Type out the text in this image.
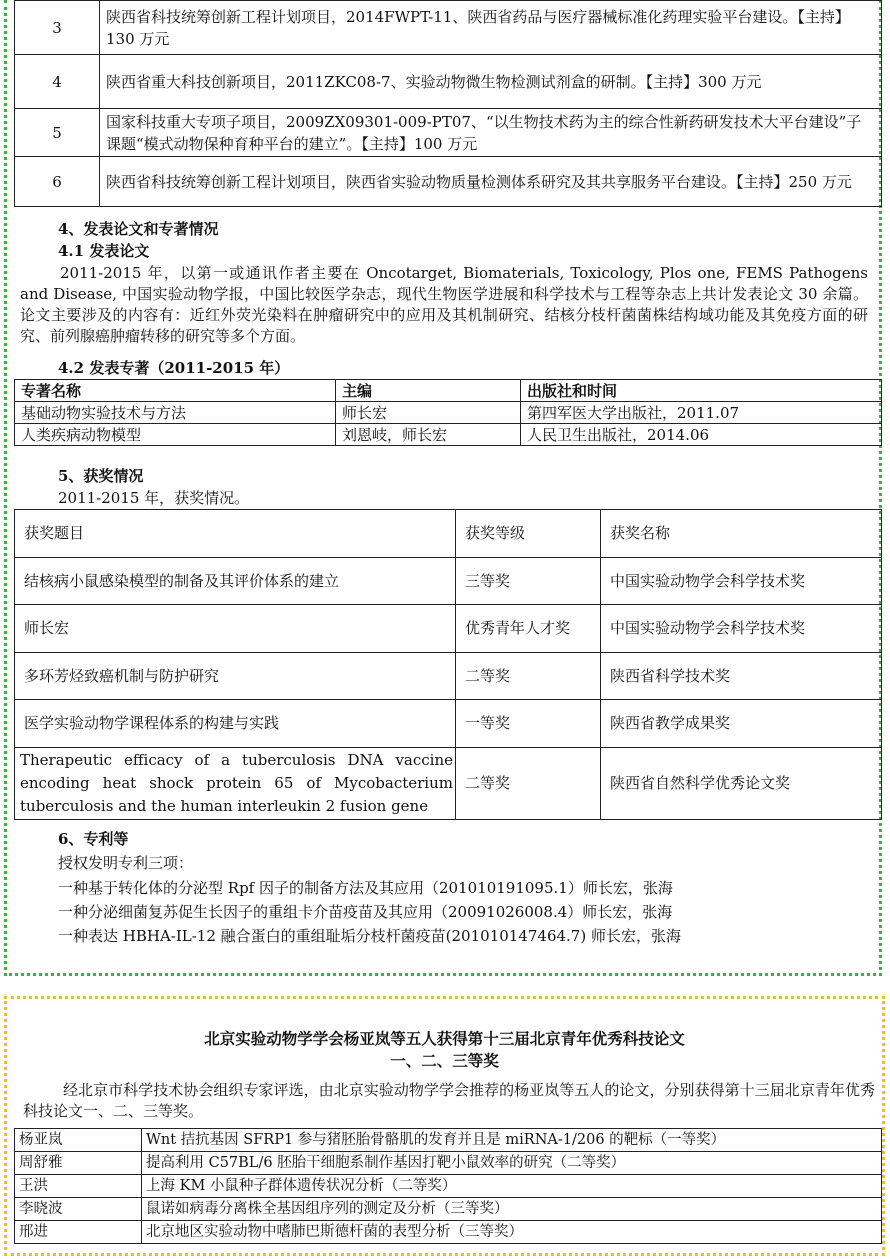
3	陕西省科技统筹创新工程计划项目，2014FWPT-11、陕西省药品与医疗器械标准化药理实验平台建设。【主持】130 万元
4	陕西省重大科技创新项目，2011ZKC08-7、实验动物微生物检测试剂盒的研制。【主持】300 万元
5	国家科技重大专项子项目，2009ZX09301-009-PT07、“以生物技术药为主的综合性新药研发技术大平台建设”子课题“模式动物保种育种平台的建立”。【主持】100 万元
6	陕西省科技统筹创新工程计划项目，陕西省实验动物质量检测体系研究及其共享服务平台建设。【主持】250 万元
4、发表论文和专著情况
4.1 发表论文

2011-2015 年，以第一或通讯作者主要在 Oncotarget, Biomaterials, Toxicology, Plos one, FEMS Pathogens and Disease, 中国实验动物学报，中国比较医学杂志，现代生物医学进展和科学技术与工程等杂志上共计发表论文 30 余篇。论文主要涉及的内容有：近红外荧光染料在肿瘤研究中的应用及其机制研究、结核分枝杆菌菌株结构域功能及其免疫方面的研究、前列腺癌肿瘤转移的研究等多个方面。

4.2 发表专著（2011-2015 年）
专著名称	主编	出版社和时间
基础动物实验技术与方法	师长宏	第四军医大学出版社，2011.07
人类疾病动物模型	刘恩岐，师长宏	人民卫生出版社，2014.06
5、获奖情况
2011-2015 年，获奖情况。
获奖题目	获奖等级	获奖名称
结核病小鼠感染模型的制备及其评价体系的建立	三等奖	中国实验动物学会科学技术奖
师长宏	优秀青年人才奖	中国实验动物学会科学技术奖
多环芳烃致癌机制与防护研究	二等奖	陕西省科学技术奖
医学实验动物学课程体系的构建与实践	一等奖	陕西省教学成果奖
Therapeutic efficacy of a tuberculosis DNA vaccine encoding heat shock protein 65 of Mycobacterium tuberculosis and the human interleukin 2 fusion gene	二等奖	陕西省自然科学优秀论文奖
6、专利等
授权发明专利三项：
一种基于转化体的分泌型 Rpf 因子的制备方法及其应用（201010191095.1）师长宏，张海
一种分泌细菌复苏促生长因子的重组卡介苗疫苗及其应用（20091026008.4）师长宏，张海
一种表达 HBHA-IL-12 融合蛋白的重组耻垢分枝杆菌疫苗(201010147464.7) 师长宏，张海
北京实验动物学学会杨亚岚等五人获得第十三届北京青年优秀科技论文
一、二、三等奖

经北京市科学技术协会组织专家评选，由北京实验动物学学会推荐的杨亚岚等五人的论文，分别获得第十三届北京青年优秀科技论文一、二、三等奖。

杨亚岚	Wnt 拮抗基因 SFRP1 参与猪胚胎骨骼肌的发育并且是 miRNA-1/206 的靶标（一等奖）
周舒雅	提高利用 C57BL/6 胚胎干细胞系制作基因打靶小鼠效率的研究（二等奖）
王洪	上海 KM 小鼠种子群体遗传状况分析（二等奖）
李晓波	鼠诺如病毒分离株全基因组序列的测定及分析（三等奖）
邢进	北京地区实验动物中嗜肺巴斯德杆菌的表型分析（三等奖）
